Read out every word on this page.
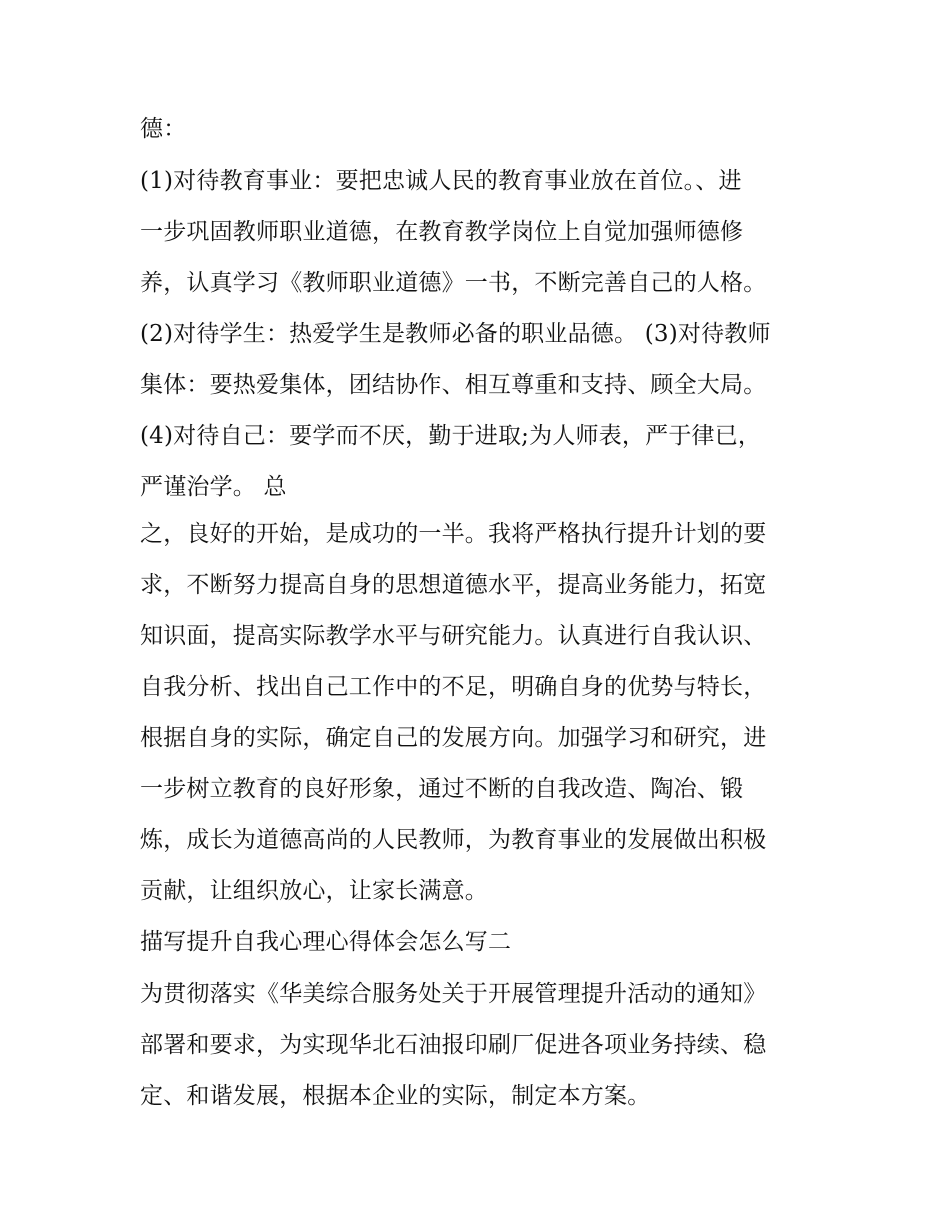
德：
(1)对待教育事业：要把忠诚人民的教育事业放在首位。、进
一步巩固教师职业道德，在教育教学岗位上自觉加强师德修
养，认真学习《教师职业道德》一书，不断完善自己的人格。
(2)对待学生：热爱学生是教师必备的职业品德。 (3)对待教师
集体：要热爱集体，团结协作、相互尊重和支持、顾全大局。
(4)对待自己：要学而不厌，勤于进取;为人师表，严于律已，
严谨治学。 总
之，良好的开始，是成功的一半。我将严格执行提升计划的要
求，不断努力提高自身的思想道德水平，提高业务能力，拓宽
知识面，提高实际教学水平与研究能力。认真进行自我认识、
自我分析、找出自己工作中的不足，明确自身的优势与特长，
根据自身的实际，确定自己的发展方向。加强学习和研究，进
一步树立教育的良好形象，通过不断的自我改造、陶冶、锻
炼，成长为道德高尚的人民教师，为教育事业的发展做出积极
贡献，让组织放心，让家长满意。
描写提升自我心理心得体会怎么写二
为贯彻落实《华美综合服务处关于开展管理提升活动的通知》
部署和要求，为实现华北石油报印刷厂促进各项业务持续、稳
定、和谐发展，根据本企业的实际，制定本方案。
